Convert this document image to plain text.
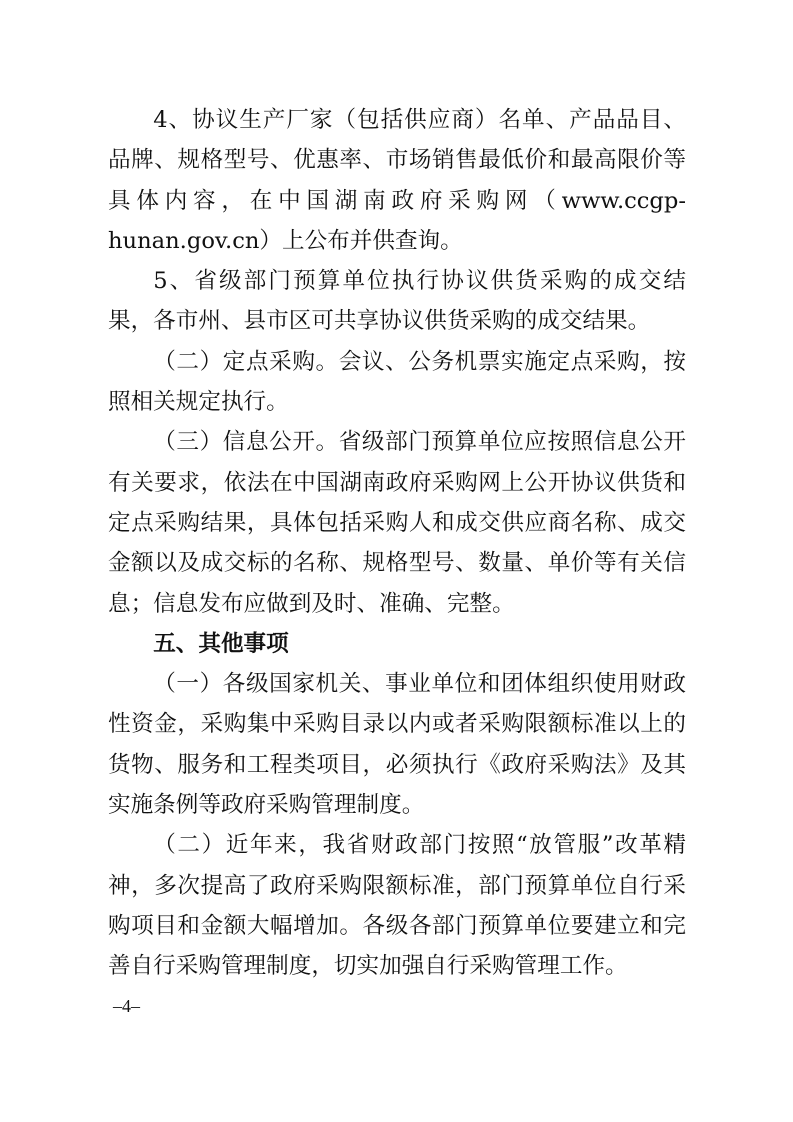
4、协议生产厂家（包括供应商）名单、产品品目、品牌、规格型号、优惠率、市场销售最低价和最高限价等具体内容，在中国湖南政府采购网（www.ccgp-hunan.gov.cn）上公布并供查询。

5、省级部门预算单位执行协议供货采购的成交结果，各市州、县市区可共享协议供货采购的成交结果。

（二）定点采购。会议、公务机票实施定点采购，按照相关规定执行。

（三）信息公开。省级部门预算单位应按照信息公开有关要求，依法在中国湖南政府采购网上公开协议供货和定点采购结果，具体包括采购人和成交供应商名称、成交金额以及成交标的名称、规格型号、数量、单价等有关信息；信息发布应做到及时、准确、完整。

五、其他事项

（一）各级国家机关、事业单位和团体组织使用财政性资金，采购集中采购目录以内或者采购限额标准以上的货物、服务和工程类项目，必须执行《政府采购法》及其实施条例等政府采购管理制度。

（二）近年来，我省财政部门按照“放管服”改革精神，多次提高了政府采购限额标准，部门预算单位自行采购项目和金额大幅增加。各级各部门预算单位要建立和完善自行采购管理制度，切实加强自行采购管理工作。

–4–
